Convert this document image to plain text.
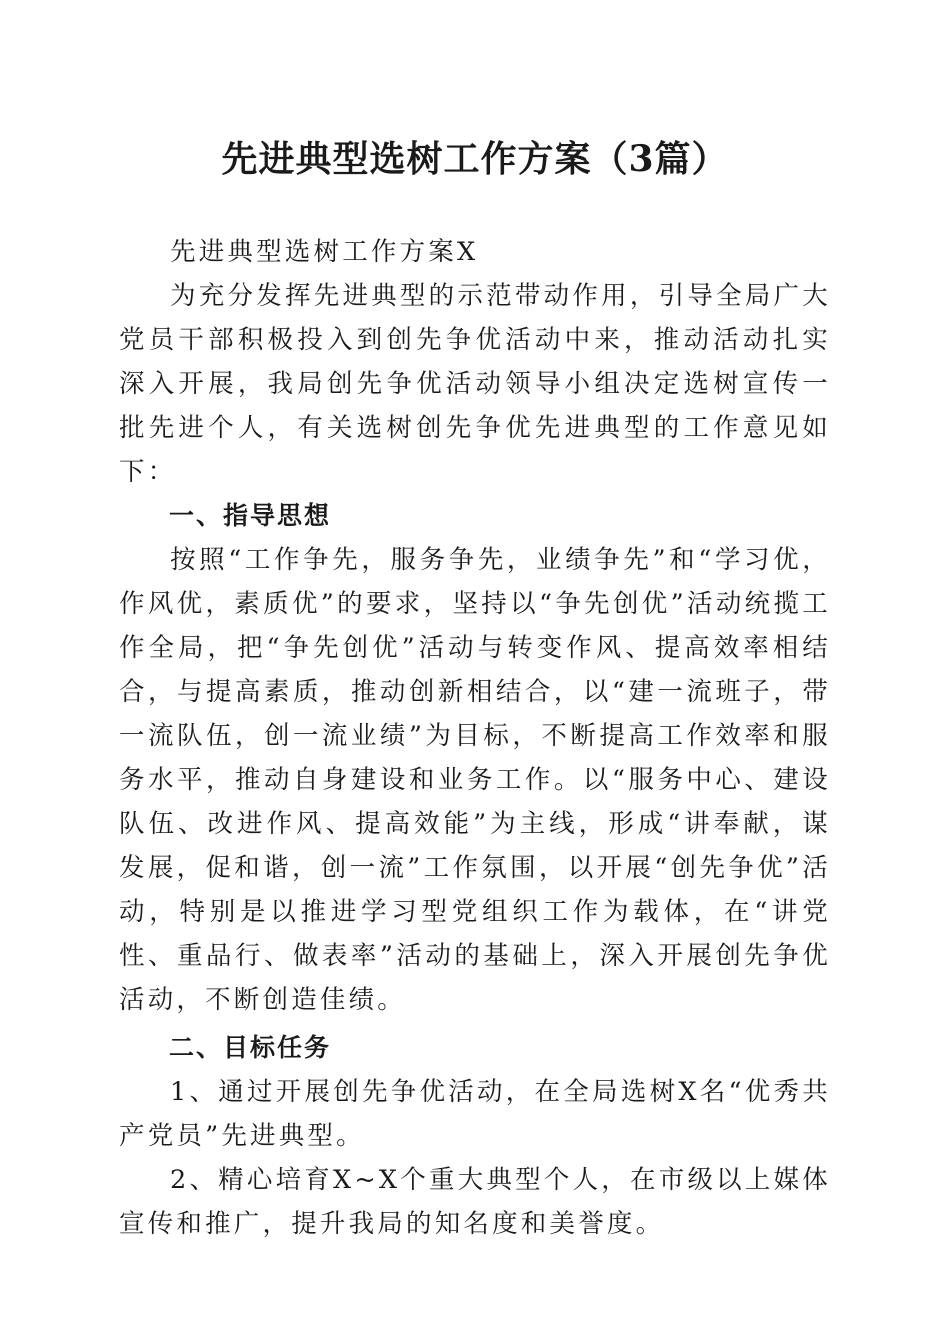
先进典型选树工作方案（3篇）

先进典型选树工作方案X

为充分发挥先进典型的示范带动作用，引导全局广大党员干部积极投入到创先争优活动中来，推动活动扎实深入开展，我局创先争优活动领导小组决定选树宣传一批先进个人，有关选树创先争优先进典型的工作意见如下：

一、指导思想

按照“工作争先，服务争先，业绩争先”和“学习优，作风优，素质优”的要求，坚持以“争先创优”活动统揽工作全局，把“争先创优”活动与转变作风、提高效率相结合，与提高素质，推动创新相结合，以“建一流班子，带一流队伍，创一流业绩”为目标，不断提高工作效率和服务水平，推动自身建设和业务工作。以“服务中心、建设队伍、改进作风、提高效能”为主线，形成“讲奉献，谋发展，促和谐，创一流”工作氛围，以开展“创先争优”活动，特别是以推进学习型党组织工作为载体，在“讲党性、重品行、做表率”活动的基础上，深入开展创先争优活动，不断创造佳绩。

二、目标任务

1、通过开展创先争优活动，在全局选树X名“优秀共产党员”先进典型。

2、精心培育X~X个重大典型个人，在市级以上媒体宣传和推广，提升我局的知名度和美誉度。
